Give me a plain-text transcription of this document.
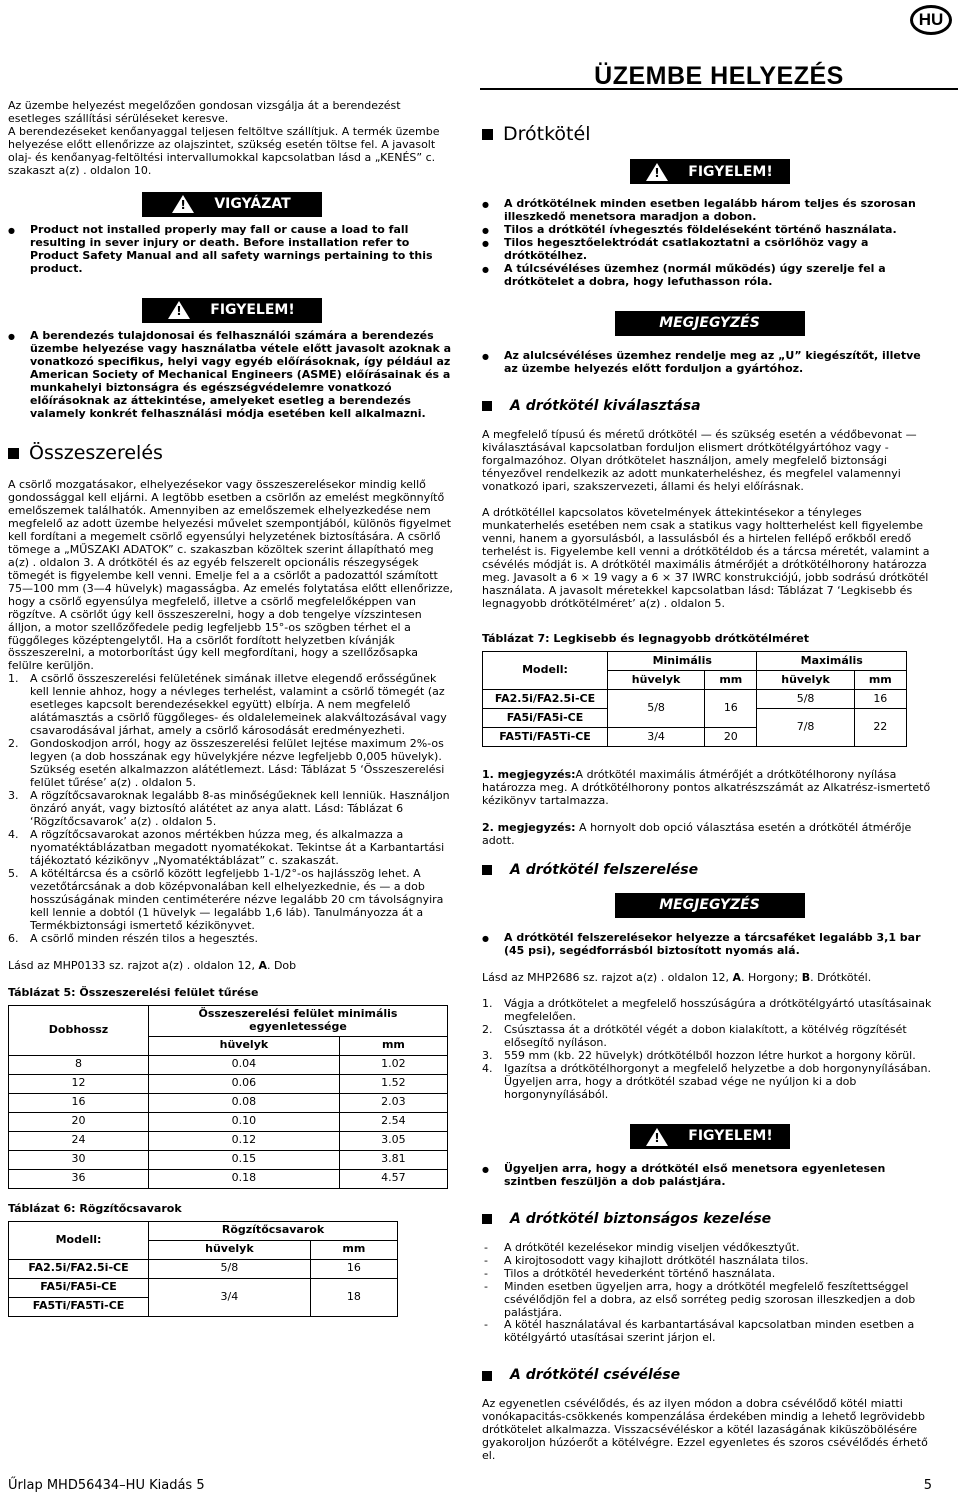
HU
ÜZEMBE HELYEZÉS

Az üzembe helyezést megelőzően gondosan vizsgálja át a berendezést esetleges szállítási sérüléseket keresve.

A berendezéseket kenőanyaggal teljesen feltöltve szállítjuk. A termék üzembe helyezése előtt ellenőrizze az olajszintet, szükség esetén töltse fel. A javasolt olaj- és kenőanyag-feltöltési intervallumokkal kapcsolatban lásd a „KENÉS” c. szakaszt a(z) . oldalon 10.

!
VIGYÁZAT
● Product not installed properly may fall or cause a load to fall resulting in sever injury or death. Before installation refer to Product Safety Manual and all safety warnings pertaining to this product.
!
FIGYELEM!
● A berendezés tulajdonosai és felhasználói számára a berendezés üzembe helyezése vagy használatba vétele előtt javasolt azoknak a vonatkozó specifikus, helyi vagy egyéb előírásoknak, így például az American Society of Mechanical Engineers (ASME) előírásainak és a munkahelyi biztonságra és egészségvédelemre vonatkozó előírásoknak az áttekintése, amelyeket esetleg a berendezés valamely konkrét felhasználási módja esetében kell alkalmazni.
Összeszerelés

A csörlő mozgatásakor, elhelyezésekor vagy összeszerelésekor mindig kellő gondossággal kell eljárni. A legtöbb esetben a csörlőn az emelést megkönnyítő emelőszemek találhatók. Amennyiben az emelőszemek elhelyezkedése nem megfelelő az adott üzembe helyezési művelet szempontjából, különös figyelmet kell fordítani a megemelt csörlő egyensúlyi helyzetének biztosítására. A csörlő tömege a „MŰSZAKI ADATOK” c. szakaszban közöltek szerint állapítható meg a(z) . oldalon 3. A drótkötél és az egyéb felszerelt opcionális részegységek tömegét is figyelembe kell venni. Emelje fel a a csörlőt a padozattól számított 75—100 mm (3—4 hüvelyk) magasságba. Az emelés folytatása előtt ellenőrizze, hogy a csörlő egyensúlya megfelelő, illetve a csörlő megfelelőképpen van rögzítve. A csörlőt úgy kell összeszerelni, hogy a dob tengelye vízszintesen álljon, a motor szellőzőfedele pedig legfeljebb 15°-os szögben térhet el a függőleges középtengelytől. Ha a csörlőt fordított helyzetben kívánják összeszerelni, a motorborítást úgy kell megfordítani, hogy a szellőzősapka felülre kerüljön.

1. A csörlő összeszerelési felületének simának illetve elegendő erősségűnek kell lennie ahhoz, hogy a névleges terhelést, valamint a csörlő tömegét (az esetleges kapcsolt berendezésekkel együtt) elbírja. A nem megfelelő alátámasztás a csörlő függőleges- és oldalelemeinek alakváltozásával vagy csavarodásával járhat, amely a csörlő károsodását eredményezheti.
2. Gondoskodjon arról, hogy az összeszerelési felület lejtése maximum 2%-os legyen (a dob hosszának egy hüvelykjére nézve legfeljebb 0,005 hüvelyk). Szükség esetén alkalmazzon alátétlemezt. Lásd: Táblázat 5 ‘Összeszerelési felület tűrése’ a(z) . oldalon 5.
3. A rögzítőcsavaroknak legalább 8-as minőségűeknek kell lenniük. Használjon önzáró anyát, vagy biztosító alátétet az anya alatt. Lásd: Táblázat 6 ‘Rögzítőcsavarok’ a(z) . oldalon 5.
4. A rögzítőcsavarokat azonos mértékben húzza meg, és alkalmazza a nyomatéktáblázatban megadott nyomatékokat. Tekintse át a Karbantartási tájékoztató kézikönyv „Nyomatéktáblázat” c. szakaszát.
5. A kötéltárcsa és a csörlő között legfeljebb 1-1/2°-os hajlásszög lehet. A vezetőtárcsának a dob középvonalában kell elhelyezkednie, és — a dob hosszúságának minden centiméterére nézve legalább 20 cm távolságnyira kell lennie a dobtól (1 hüvelyk — legalább 1,6 láb). Tanulmányozza át a Termékbiztonsági ismertető kézikönyvet.
6. A csörlő minden részén tilos a hegesztés.

Lásd az MHP0133 sz. rajzot a(z) . oldalon 12, A. Dob

Táblázat 5: Összeszerelési felület tűrése
Dobhossz	Összeszerelési felület minimális egyenletessége	
	hüvelyk	mm
8	0.04	1.02
12	0.06	1.52
16	0.08	2.03
20	0.10	2.54
24	0.12	3.05
30	0.15	3.81
36	0.18	4.57
Táblázat 6: Rögzítőcsavarok
Modell:	Rögzítőcsavarok	
	hüvelyk	mm
FA2.5i/FA2.5i-CE	5/8	16
FA5i/FA5i-CE	3/4	18
FA5Ti/FA5Ti-CE		
Drótkötél
!
FIGYELEM!
● A drótkötélnek minden esetben legalább három teljes és szorosan illeszkedő menetsora maradjon a dobon.
● Tilos a drótkötél ívhegesztés földeléseként történő használata.
● Tilos hegesztőelektródát csatlakoztatni a csörlőhöz vagy a drótkötélhez.
● A túlcsévéléses üzemhez (normál működés) úgy szerelje fel a drótkötelet a dobra, hogy lefuthasson róla.
MEGJEGYZÉS
● Az alulcsévéléses üzemhez rendelje meg az „U” kiegészítőt, illetve az üzembe helyezés előtt forduljon a gyártóhoz.
A drótkötél kiválasztása

A megfelelő típusú és méretű drótkötél — és szükség esetén a védőbevonat — kiválasztásával kapcsolatban forduljon elismert drótkötélgyártóhoz vagy -forgalmazóhoz. Olyan drótkötelet használjon, amely megfelelő biztonsági tényezővel rendelkezik az adott munkaterheléshez, és megfelel valamennyi vonatkozó ipari, szakszervezeti, állami és helyi előírásnak.

A drótkötéllel kapcsolatos követelmények áttekintésekor a tényleges munkaterhelés esetében nem csak a statikus vagy holtterhelést kell figyelembe venni, hanem a gyorsulásból, a lassulásból és a hirtelen fellépő erőkből eredő terhelést is. Figyelembe kell venni a drótkötéldob és a tárcsa méretét, valamint a csévélés módját is. A drótkötél maximális átmérőjét a drótkötélhorony határozza meg. Javasolt a 6 × 19 vagy a 6 × 37 IWRC konstrukciójú, jobb sodrású drótkötél használata. A javasolt méretekkel kapcsolatban lásd: Táblázat 7 ‘Legkisebb és legnagyobb drótkötélméret’ a(z) . oldalon 5.

Táblázat 7: Legkisebb és legnagyobb drótkötélméret
Modell:	Minimális		Maximális	
	hüvelyk	mm	hüvelyk	mm
FA2.5i/FA2.5i-CE	5/8	16	5/8	16
FA5i/FA5i-CE			7/8	22
FA5Ti/FA5Ti-CE	3/4	20		

1. megjegyzés:A drótkötél maximális átmérőjét a drótkötélhorony nyílása határozza meg. A drótkötélhorony pontos alkatrészszámát az Alkatrész-ismertető kézikönyv tartalmazza.

2. megjegyzés: A hornyolt dob opció választása esetén a drótkötél átmérője adott.

A drótkötél felszerelése
MEGJEGYZÉS
● A drótkötél felszerelésekor helyezze a tárcsaféket legalább 3,1 bar (45 psi), segédforrásból biztosított nyomás alá.

Lásd az MHP2686 sz. rajzot a(z) . oldalon 12, A. Horgony; B. Drótkötél.

1. Vágja a drótkötelet a megfelelő hosszúságúra a drótkötélgyártó utasításainak megfelelően.
2. Csúsztassa át a drótkötél végét a dobon kialakított, a kötélvég rögzítését elősegítő nyíláson.
3. 559 mm (kb. 22 hüvelyk) drótkötélből hozzon létre hurkot a horgony körül.
4. Igazítsa a drótkötélhorgonyt a megfelelő helyzetbe a dob horgonynyílásában. Ügyeljen arra, hogy a drótkötél szabad vége ne nyúljon ki a dob horgonynyílásából.
!
FIGYELEM!
● Ügyeljen arra, hogy a drótkötél első menetsora egyenletesen szintben feszüljön a dob palástjára.
A drótkötél biztonságos kezelése
- A drótkötél kezelésekor mindig viseljen védőkesztyűt.
- A kirojtosodott vagy kihajlott drótkötél használata tilos.
- Tilos a drótkötél hevederként történő használata.
- Minden esetben ügyeljen arra, hogy a drótkötél megfelelő feszítettséggel csévélődjön fel a dobra, az első sorréteg pedig szorosan illeszkedjen a dob palástjára.
- A kötél használatával és karbantartásával kapcsolatban minden esetben a kötélgyártó utasításai szerint járjon el.
A drótkötél csévélése

Az egyenetlen csévélődés, és az ilyen módon a dobra csévélődő kötél miatti vonókapacitás-csökkenés kompenzálása érdekében mindig a lehető legrövidebb drótkötelet alkalmazza. Visszacsévéléskor a kötél lazaságának kiküszöbölésére gyakoroljon húzóerőt a kötélvégre. Ezzel egyenletes és szoros csévélődés érhető el.

Űrlap MHD56434–HU Kiadás 5	5
